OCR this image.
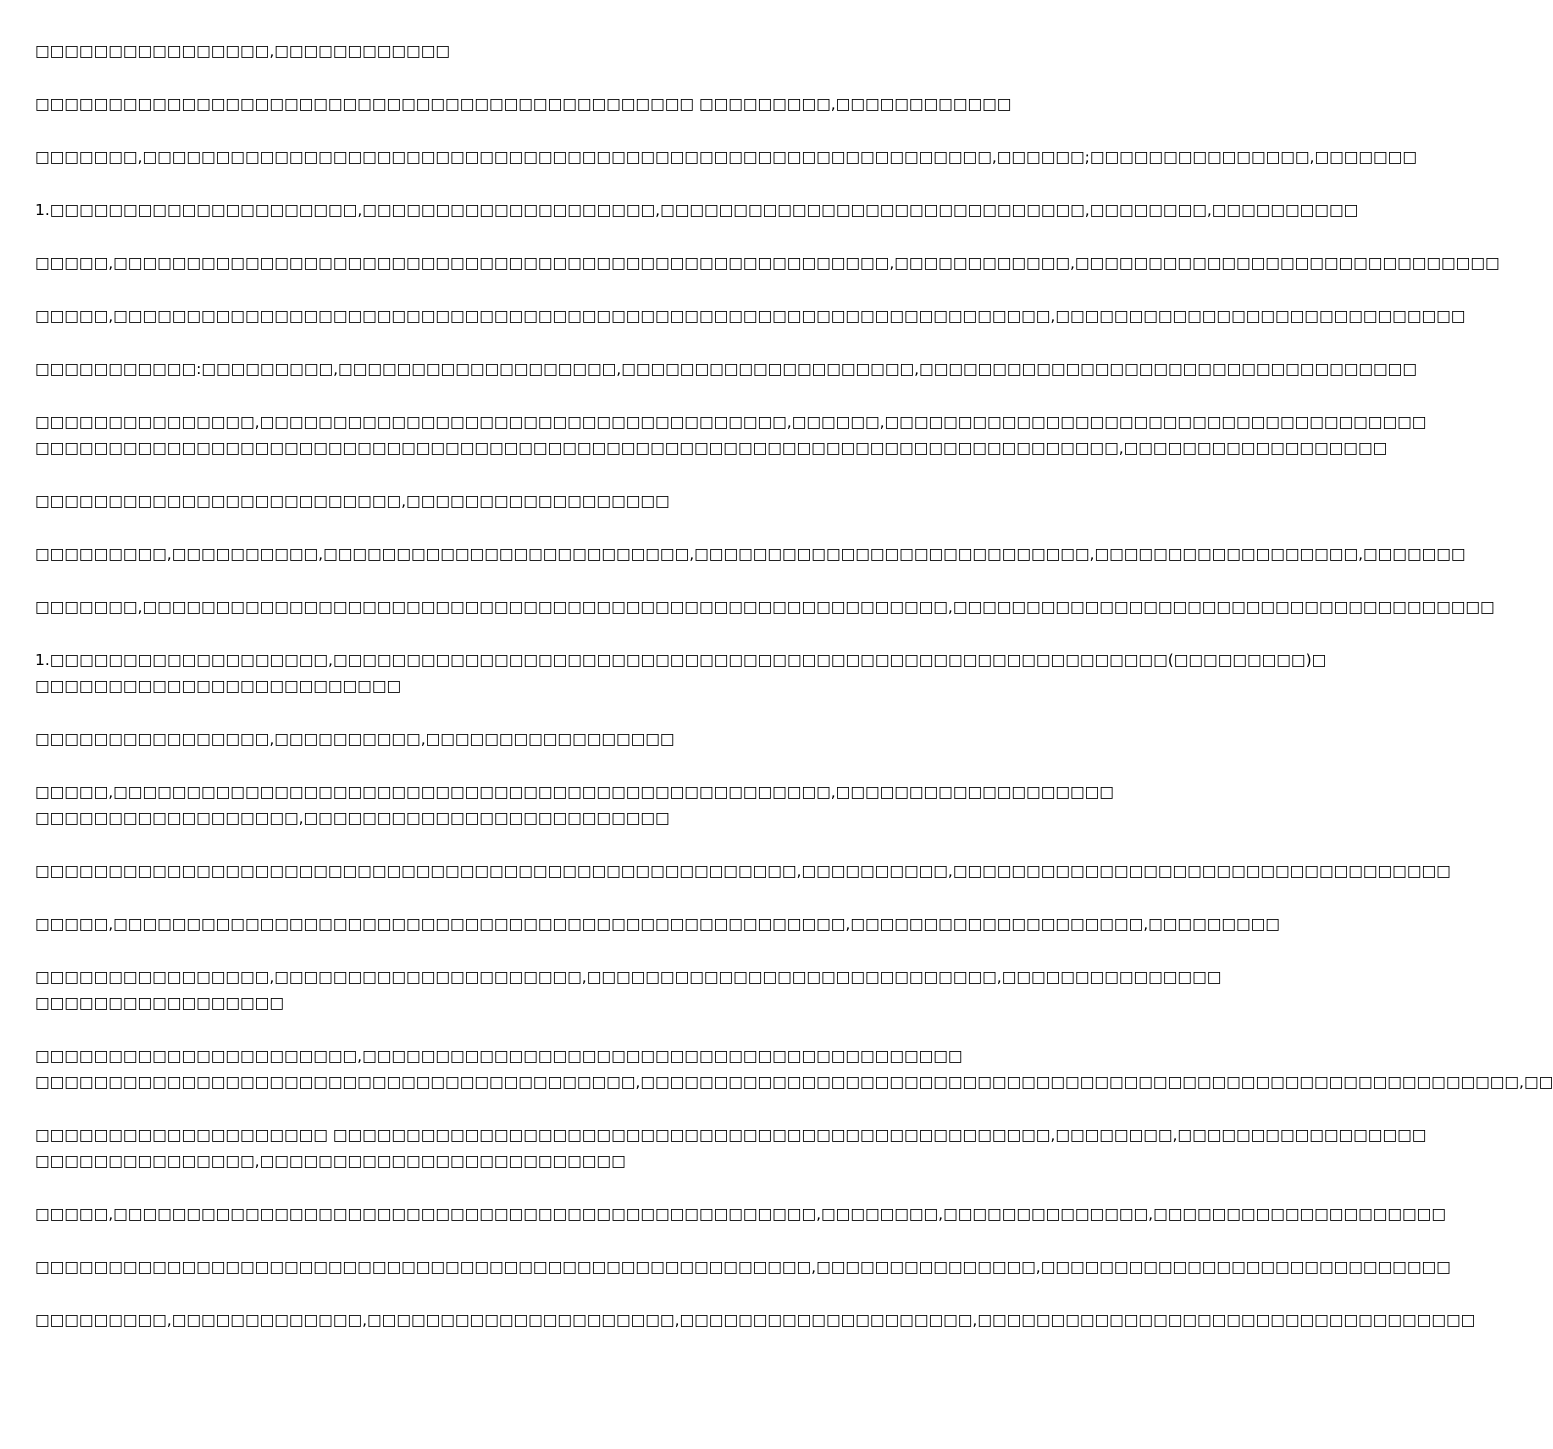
□□□□□□□□□□□□□□□□,□□□□□□□□□□□□

□□□□□□□□□□□□□□□□□□□□□□□□□□□□□□□□□□□□□□□□□□□□□ □□□□□□□□□,□□□□□□□□□□□□

□□□□□□□,□□□□□□□□□□□□□□□□□□□□□□□□□□□□□□□□□□□□□□□□□□□□□□□□□□□□□□□□□□,□□□□□□;□□□□□□□□□□□□□□□,□□□□□□□

1.□□□□□□□□□□□□□□□□□□□□□,□□□□□□□□□□□□□□□□□□□□,□□□□□□□□□□□□□□□□□□□□□□□□□□□□□,□□□□□□□□,□□□□□□□□□□

□□□□□,□□□□□□□□□□□□□□□□□□□□□□□□□□□□□□□□□□□□□□□□□□□□□□□□□□□□□,□□□□□□□□□□□□,□□□□□□□□□□□□□□□□□□□□□□□□□□□□□

□□□□□,□□□□□□□□□□□□□□□□□□□□□□□□□□□□□□□□□□□□□□□□□□□□□□□□□□□□□□□□□□□□□□□□,□□□□□□□□□□□□□□□□□□□□□□□□□□□□

□□□□□□□□□□□:□□□□□□□□□,□□□□□□□□□□□□□□□□□□□,□□□□□□□□□□□□□□□□□□□□,□□□□□□□□□□□□□□□□□□□□□□□□□□□□□□□□□□

□□□□□□□□□□□□□□□,□□□□□□□□□□□□□□□□□□□□□□□□□□□□□□□□□□□□,□□□□□□,□□□□□□□□□□□□□□□□□□□□□□□□□□□□□□□□□□□□□
□□□□□□□□□□□□□□□□□□□□□□□□□□□□□□□□□□□□□□□□□□□□□□□□□□□□□□□□□□□□□□□□□□□□□□□□□□,□□□□□□□□□□□□□□□□□□

□□□□□□□□□□□□□□□□□□□□□□□□□,□□□□□□□□□□□□□□□□□□

□□□□□□□□□,□□□□□□□□□□,□□□□□□□□□□□□□□□□□□□□□□□□□,□□□□□□□□□□□□□□□□□□□□□□□□□□□,□□□□□□□□□□□□□□□□□□,□□□□□□□

□□□□□□□,□□□□□□□□□□□□□□□□□□□□□□□□□□□□□□□□□□□□□□□□□□□□□□□□□□□□□□□,□□□□□□□□□□□□□□□□□□□□□□□□□□□□□□□□□□□□□

1.□□□□□□□□□□□□□□□□□□□,□□□□□□□□□□□□□□□□□□□□□□□□□□□□□□□□□□□□□□□□□□□□□□□□□□□□□□□□□(□□□□□□□□□)□
□□□□□□□□□□□□□□□□□□□□□□□□□

□□□□□□□□□□□□□□□□,□□□□□□□□□□,□□□□□□□□□□□□□□□□□

□□□□□,□□□□□□□□□□□□□□□□□□□□□□□□□□□□□□□□□□□□□□□□□□□□□□□□□,□□□□□□□□□□□□□□□□□□□
□□□□□□□□□□□□□□□□□□,□□□□□□□□□□□□□□□□□□□□□□□□□

□□□□□□□□□□□□□□□□□□□□□□□□□□□□□□□□□□□□□□□□□□□□□□□□□□□□,□□□□□□□□□□,□□□□□□□□□□□□□□□□□□□□□□□□□□□□□□□□□□

□□□□□,□□□□□□□□□□□□□□□□□□□□□□□□□□□□□□□□□□□□□□□□□□□□□□□□□□,□□□□□□□□□□□□□□□□□□□□,□□□□□□□□□

□□□□□□□□□□□□□□□□,□□□□□□□□□□□□□□□□□□□□□,□□□□□□□□□□□□□□□□□□□□□□□□□□□□,□□□□□□□□□□□□□□□
□□□□□□□□□□□□□□□□□

□□□□□□□□□□□□□□□□□□□□□□,□□□□□□□□□□□□□□□□□□□□□□□□□□□□□□□□□□□□□□□□□
□□□□□□□□□□□□□□□□□□□□□□□□□□□□□□□□□□□□□□□□□,□□□□□□□□□□□□□□□□□□□□□□□□□□□□□□□□□□□□□□□□□□□□□□□□□□□□□□□□□□□□,□□

□□□□□□□□□□□□□□□□□□□□ □□□□□□□□□□□□□□□□□□□□□□□□□□□□□□□□□□□□□□□□□□□□□□□□□,□□□□□□□□,□□□□□□□□□□□□□□□□□
□□□□□□□□□□□□□□□,□□□□□□□□□□□□□□□□□□□□□□□□□

□□□□□,□□□□□□□□□□□□□□□□□□□□□□□□□□□□□□□□□□□□□□□□□□□□□□□□,□□□□□□□□,□□□□□□□□□□□□□□,□□□□□□□□□□□□□□□□□□□□

□□□□□□□□□□□□□□□□□□□□□□□□□□□□□□□□□□□□□□□□□□□□□□□□□□□□□,□□□□□□□□□□□□□□□,□□□□□□□□□□□□□□□□□□□□□□□□□□□□

□□□□□□□□□,□□□□□□□□□□□□□,□□□□□□□□□□□□□□□□□□□□□,□□□□□□□□□□□□□□□□□□□□,□□□□□□□□□□□□□□□□□□□□□□□□□□□□□□□□□□
